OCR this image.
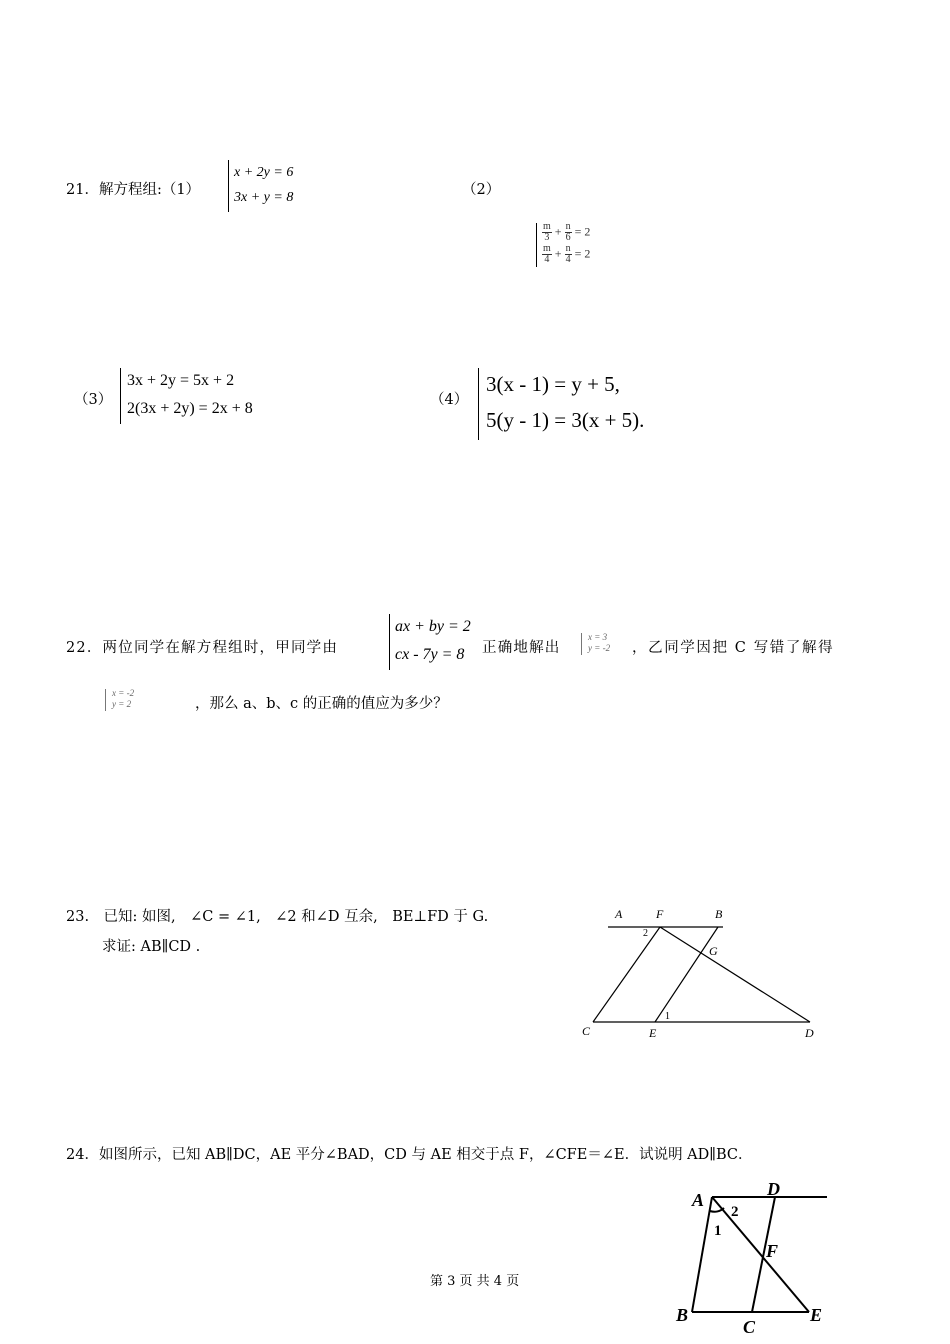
21．解方程组:（1）
x + 2y = 6
3x + y = 8	（2）
$\frac{m}{3} + \frac{n}{6} = 2$
$\frac{m}{4} + \frac{n}{4} = 2$
（3）
3x + 2y = 5x + 2
2(3x + 2y) = 2x + 8	（4）
3(x - 1) = y + 5,
5(y - 1) = 3(x + 5).
22．两位同学在解方程组时，甲同学由
ax + by = 2
cx - 7y = 8	正确地解出
x = 3
y = -2 ，乙同学因把 C 写错了解得
x = -2
y = 2	，那么 a、b、c 的正确的值应为多少？
23.　已知: 如图,　∠C = ∠1,　∠2 和∠D 互余,　BE⊥FD 于 G.
求证: AB∥CD .
A	F	B
G
C	E	D
2
1
24．如图所示，已知 AB∥DC，AE 平分∠BAD，CD 与 AE 相交于点 F，∠CFE＝∠E．试说明 AD∥BC．
A
D
F
B
C
E
2
1
第 3 页 共 4 页
